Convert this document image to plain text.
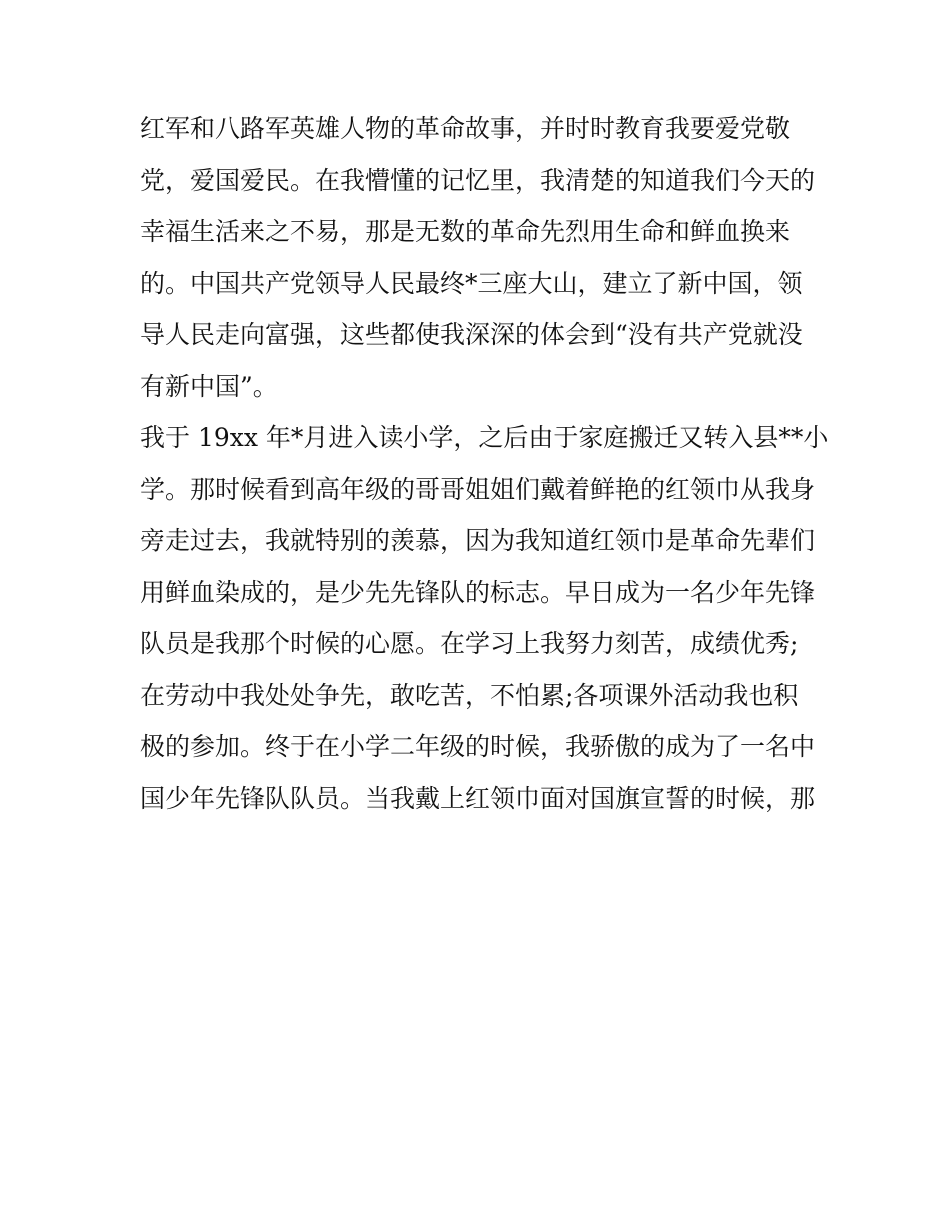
红军和八路军英雄人物的革命故事，并时时教育我要爱党敬
党，爱国爱民。在我懵懂的记忆里，我清楚的知道我们今天的
幸福生活来之不易，那是无数的革命先烈用生命和鲜血换来
的。中国共产党领导人民最终*三座大山，建立了新中国，领
导人民走向富强，这些都使我深深的体会到“没有共产党就没
有新中国”。
我于 19xx 年*月进入读小学，之后由于家庭搬迁又转入县**小
学。那时候看到高年级的哥哥姐姐们戴着鲜艳的红领巾从我身
旁走过去，我就特别的羡慕，因为我知道红领巾是革命先辈们
用鲜血染成的，是少先先锋队的标志。早日成为一名少年先锋
队员是我那个时候的心愿。在学习上我努力刻苦，成绩优秀;
在劳动中我处处争先，敢吃苦，不怕累;各项课外活动我也积
极的参加。终于在小学二年级的时候，我骄傲的成为了一名中
国少年先锋队队员。当我戴上红领巾面对国旗宣誓的时候，那
